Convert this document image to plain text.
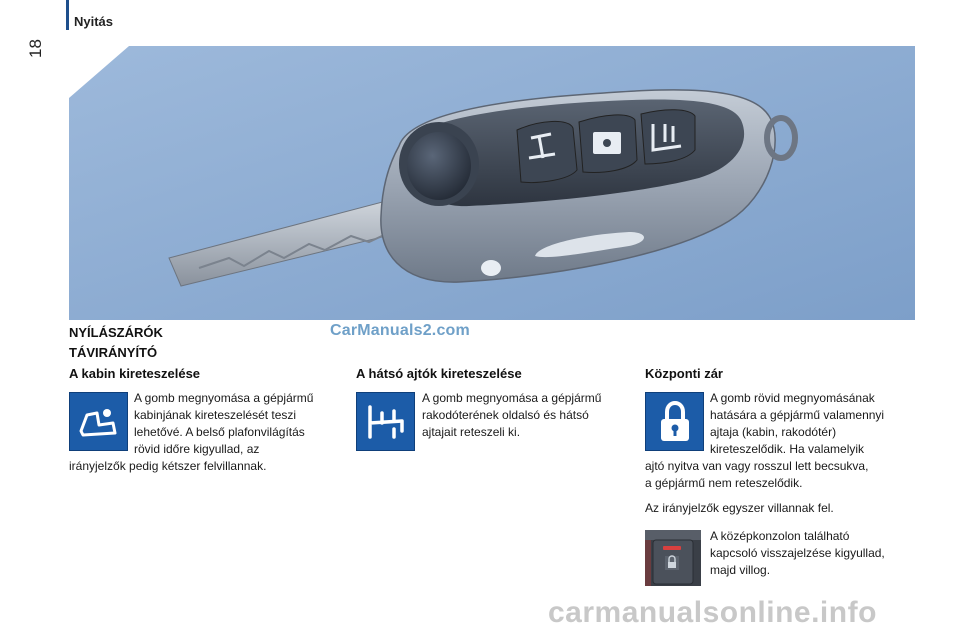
18
Nyitás
CarManuals2.com
NYÍLÁSZÁRÓK
TÁVIRÁNYÍTÓ
A kabin kireteszelése
A gomb megnyomása a gépjármű
kabinjának kireteszelését teszi
lehetővé. A belső plafonvilágítás
rövid időre kigyullad, az
irányjelzők pedig kétszer felvillannak.
A hátsó ajtók kireteszelése
A gomb megnyomása a gépjármű
rakodóterének oldalsó és hátsó
ajtajait reteszeli ki.
Központi zár
A gomb rövid megnyomásának
hatására a gépjármű valamennyi
ajtaja (kabin, rakodótér)
kireteszelődik. Ha valamelyik
ajtó nyitva van vagy rosszul lett becsukva,
a gépjármű nem reteszelődik.
Az irányjelzők egyszer villannak fel.
A középkonzolon található
kapcsoló visszajelzése kigyullad,
majd villog.
carmanualsonline.info
